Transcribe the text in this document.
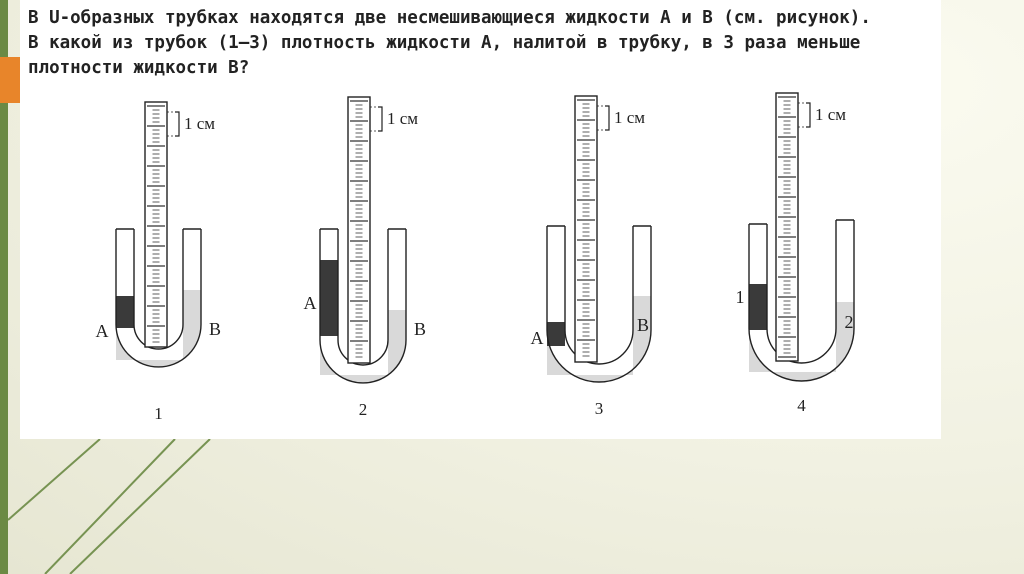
1 см
A	B
1
1 см
A
B
2
1 см
A
B
3
1 см
1
2
4
В U-образных трубках находятся две несмешивающиеся жидкости А и В (см. рисунок).
В какой из трубок (1–3) плотность жидкости А, налитой в трубку, в 3 раза меньше
плотности жидкости В?
